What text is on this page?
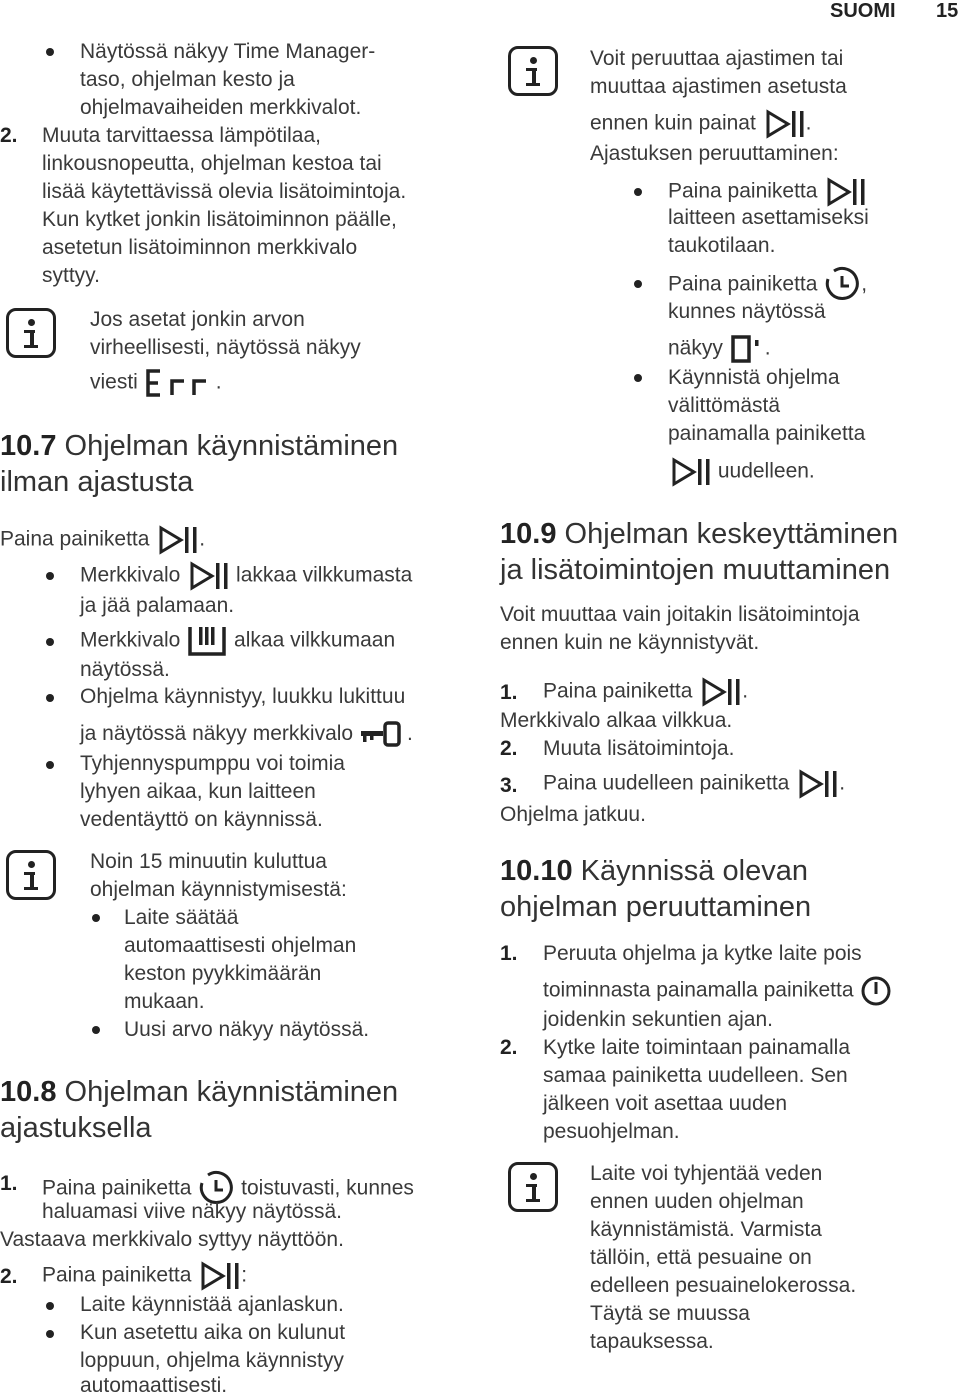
SUOMI 15
Näytössä näkyy Time Manager-
taso, ohjelman kesto ja
ohjelmavaiheiden merkkivalot.
2. Muuta tarvittaessa lämpötilaa,
linkousnopeutta, ohjelman kestoa tai
lisää käytettävissä olevia lisätoimintoja.
Kun kytket jonkin lisätoiminnon päälle,
asetetun lisätoiminnon merkkivalo
syttyy.
Jos asetat jonkin arvon
virheellisesti, näytössä näkyy
viesti	.
10.7 Ohjelman käynnistäminen
ilman ajastusta
Paina painiketta .
Merkkivalo	lakkaa vilkkumasta
ja jää palamaan.
Merkkivalo	alkaa vilkkumaan
näytössä.
Ohjelma käynnistyy, luukku lukittuu
ja näytössä näkyy merkkivalo	.
Tyhjennyspumppu voi toimia
lyhyen aikaa, kun laitteen
vedentäyttö on käynnissä.
Noin 15 minuutin kuluttua
ohjelman käynnistymisestä:
Laite säätää
automaattisesti ohjelman
keston pyykkimäärän
mukaan.
Uusi arvo näkyy näytössä.
10.8 Ohjelman käynnistäminen
ajastuksella
1. Paina painiketta toistuvasti, kunnes
haluamasi viive näkyy näytössä.
Vastaava merkkivalo syttyy näyttöön.
2. Paina painiketta :
Laite käynnistää ajanlaskun.
Kun asetettu aika on kulunut
loppuun, ohjelma käynnistyy
automaattisesti.
Voit peruuttaa ajastimen tai
muuttaa ajastimen asetusta
ennen kuin painat .
Ajastuksen peruuttaminen:
Paina painiketta
laitteen asettamiseksi
taukotilaan.
Paina painiketta ,
kunnes näytössä
näkyy .
Käynnistä ohjelma
välittömästä
painamalla painiketta
uudelleen.
10.9 Ohjelman keskeyttäminen
ja lisätoimintojen muuttaminen
Voit muuttaa vain joitakin lisätoimintoja
ennen kuin ne käynnistyvät.
1. Paina painiketta .
Merkkivalo alkaa vilkkua.
2. Muuta lisätoimintoja.
3. Paina uudelleen painiketta .
Ohjelma jatkuu.
10.10 Käynnissä olevan
ohjelman peruuttaminen
1. Peruuta ohjelma ja kytke laite pois
toiminnasta painamalla painiketta
joidenkin sekuntien ajan.
2. Kytke laite toimintaan painamalla
samaa painiketta uudelleen. Sen
jälkeen voit asettaa uuden
pesuohjelman.
Laite voi tyhjentää veden
ennen uuden ohjelman
käynnistämistä. Varmista
tällöin, että pesuaine on
edelleen pesuainelokerossa.
Täytä se muussa
tapauksessa.
